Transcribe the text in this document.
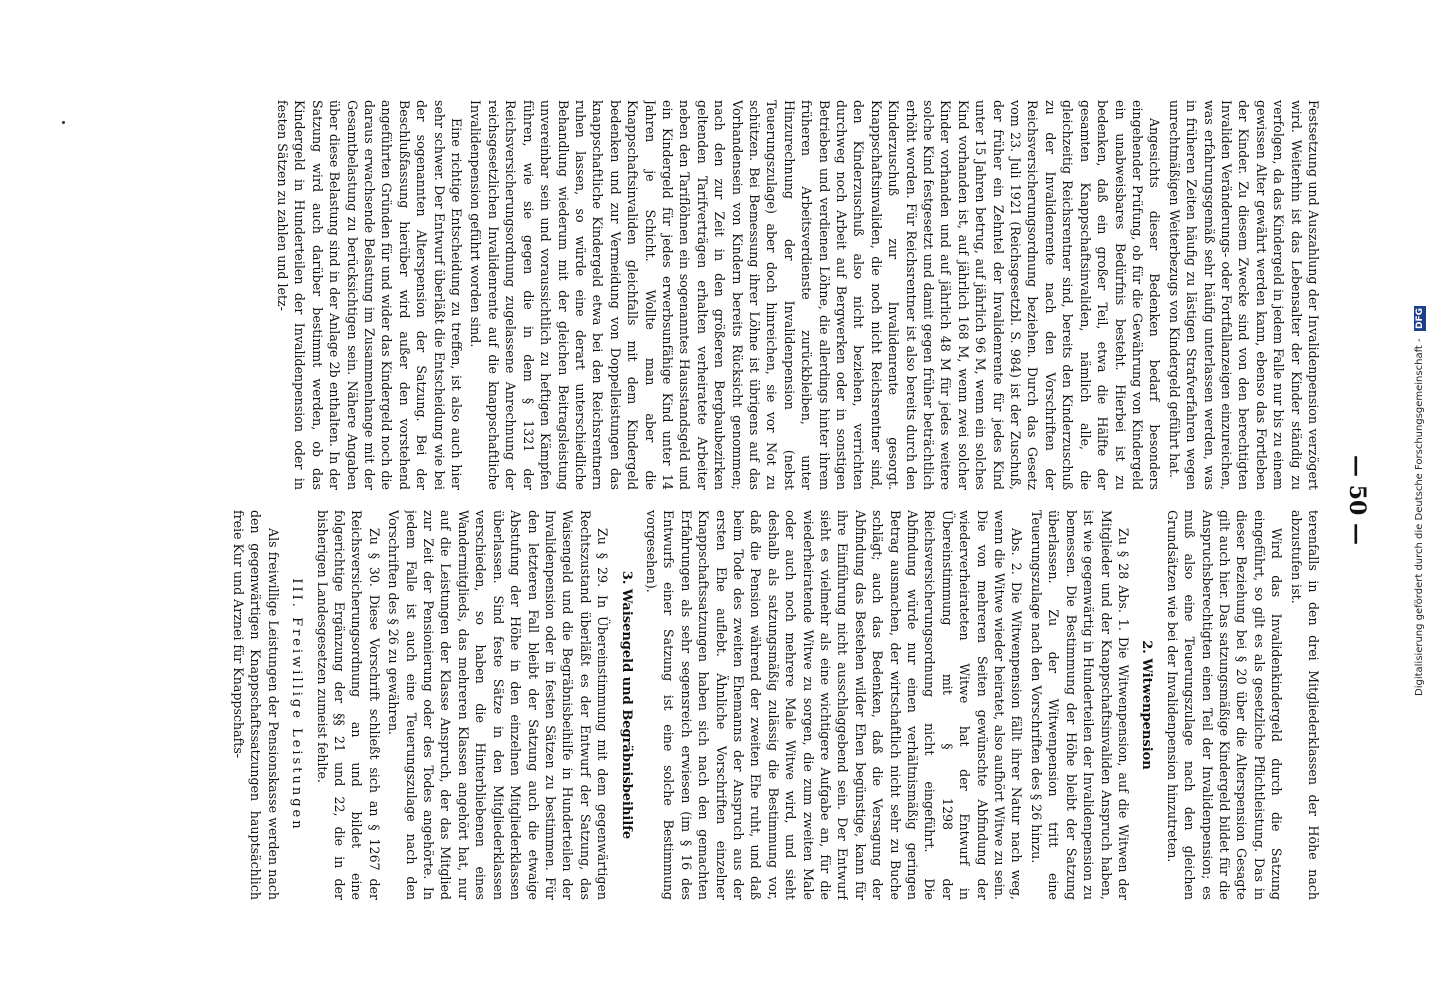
— 50 —

Festsetzung und Auszahlung der Invalidenpension verzögert wird. Weiterhin ist das Lebensalter der Kinder ständig zu verfolgen, da das Kindergeld in jedem Falle nur bis zu einem gewissen Alter gewährt werden kann, ebenso das Fortleben der Kinder. Zu diesem Zwecke sind von den berechtigten Invaliden Veränderungs- oder Fortfallanzeigen einzureichen, was erfahrungsgemäß sehr häufig unterlassen werden, was in früheren Zeiten häufig zu lästigen Strafverfahren wegen unrechtmäßigen Weiterbezugs von Kindergeld geführt hat.

Angesichts dieser Bedenken bedarf besonders eingehender Prüfung, ob für die Gewährung von Kindergeld ein unabweisbares Bedürfnis besteht. Hierbei ist zu bedenken, daß ein großer Teil, etwa die Hälfte der gesamten Knappschaftsinvaliden, nämlich alle, die gleichzeitig Reichsrentner sind, bereits den Kinderzuschuß zu der Invalidenrente nach den Vorschriften der Reichsversicherungsordnung beziehen. Durch das Gesetz vom 23. Juli 1921 (Reichsgesetzbl. S. 984) ist der Zuschuß, der früher ein Zehntel der Invalidenrente für jedes Kind unter 15 Jahren betrug, auf jährlich 96 M, wenn ein solches Kind vorhanden ist, auf jährlich 168 M, wenn zwei solcher Kinder vorhanden und auf jährlich 48 M für jedes weitere solche Kind festgesetzt und damit gegen früher beträchtlich erhöht worden. Für Reichsrentner ist also bereits durch den Kinderzuschuß zur Invalidenrente gesorgt. Knappschaftsinvaliden, die noch nicht Reichsrentner sind, den Kinderzuschuß also nicht beziehen, verrichten durchweg noch Arbeit auf Bergwerken oder in sonstigen Betrieben und verdienen Löhne, die allerdings hinter ihrem früheren Arbeitsverdienste zurückbleiben, unter Hinzurechnung der Invalidenpension (nebst Teuerungszulage) aber doch hinreichen, sie vor Not zu schützen. Bei Bemessung ihrer Löhne ist übrigens auf das Vorhandensein von Kindern bereits Rücksicht genommen; nach den zur Zeit in den größeren Bergbaubezirken geltenden Tarifverträgen erhalten verheiratete Arbeiter neben den Tariflöhnen ein sogenanntes Hausstandsgeld und ein Kindergeld für jedes erwerbsunfähige Kind unter 14 Jahren je Schicht. Wollte man aber die Knappschaftsinvaliden gleichfalls mit dem Kindergeld bedenken und zur Vermeidung von Doppelleistungen das knappschaftliche Kindergeld etwa bei den Reichsrentnern ruhen lassen, so würde eine derart unterschiedliche Behandlung wiederum mit der gleichen Beitragsleistung unvereinbar sein und voraussichtlich zu heftigen Kämpfen führen, wie sie gegen die in dem § 1321 der Reichsversicherungsordnung zugelassene Anrechnung der reichsgesetzlichen Invalidenrente auf die knappschaftliche Invalidenpension geführt worden sind.

Eine richtige Entscheidung zu treffen, ist also auch hier sehr schwer. Der Entwurf überläßt die Entscheidung wie bei der sogenannten Alterspension der Satzung. Bei der Beschlußfassung hierüber wird außer den vorstehend angeführten Gründen für und wider das Kindergeld noch die daraus erwachsende Belastung im Zusammenhange mit der Gesamtbelastung zu berücksichtigen sein. Nähere Angaben über diese Belastung sind in der Anlage 2b enthalten. In der Satzung wird auch darüber bestimmt werden, ob das Kindergeld in Hunderteilen der Invalidenpension oder in festen Sätzen zu zahlen und letz-

terenfalls in den drei Mitgliederklassen der Höhe nach abzustufen ist.

Wird das Invalidenkindergeld durch die Satzung eingeführt, so gilt es als gesetzliche Pflichtleistung. Das in dieser Beziehung bei § 20 über die Alterspension Gesagte gilt auch hier. Das satzungsmäßige Kindergeld bildet für die Anspruchsberechtigten einen Teil der Invalidenpension; es muß also eine Teuerungszulage nach den gleichen Grundsätzen wie bei der Invalidenpension hinzutreten.

2. Witwenpension

Zu § 28 Abs. 1. Die Witwenpension, auf die Witwen der Mitglieder und der Knappschaftsinvaliden Anspruch haben, ist wie gegenwärtig in Hunderteilen der Invalidenpension zu bemessen. Die Bestimmung der Höhe bleibt der Satzung überlassen. Zu der Witwenpension tritt eine Teuerungszulage nach den Vorschriften des § 26 hinzu.

Abs. 2. Die Witwenpension fällt ihrer Natur nach weg, wenn die Witwe wieder heiratet, also aufhört Witwe zu sein. Die von mehreren Seiten gewünschte Abfindung der wiederverheirateten Witwe hat der Entwurf in Übereinstimmung mit § 1298 der Reichsversicherungsordnung nicht eingeführt. Die Abfindung würde nur einen verhältnismäßig geringen Betrag ausmachen, der wirtschaftlich nicht sehr zu Buche schlägt; auch das Bedenken, daß die Versagung der Abfindung das Bestehen wilder Ehen begünstige, kann für ihre Einführung nicht ausschlaggebend sein. Der Entwurf sieht es vielmehr als eine wichtigere Aufgabe an, für die wiederheiratende Witwe zu sorgen, die zum zweiten Male oder auch noch mehrere Male Witwe wird, und sieht deshalb als satzungsmäßig zulässig die Bestimmung vor, daß die Pension während der zweiten Ehe ruht, und daß beim Tode des zweiten Ehemanns der Anspruch aus der ersten Ehe auflebt. Ähnliche Vorschriften einzelner Knappschaftssatzungen haben sich nach den gemachten Erfahrungen als sehr segensreich erwiesen (im § 16 des Entwurfs einer Satzung ist eine solche Bestimmung vorgesehen).

3. Waisengeld und Begräbnisbeihilfe

Zu § 29. In Übereinstimmung mit dem gegenwärtigen Rechtszustand überläßt es der Entwurf der Satzung, das Waisengeld und die Begräbnisbeihilfe in Hunderteilen der Invalidenpension oder in festen Sätzen zu bestimmen. Für den letzteren Fall bleibt der Satzung auch die etwaige Abstufung der Höhe in den einzelnen Mitgliederklassen überlassen. Sind feste Sätze in den Mitgliederklassen verschieden, so haben die Hinterbliebenen eines Wandermitglieds, das mehreren Klassen angehört hat, nur auf die Leistungen der Klasse Anspruch, der das Mitglied zur Zeit der Pensionierung oder des Todes angehörte. In jedem Falle ist auch eine Teuerungszulage nach den Vorschriften des § 26 zu gewähren.

Zu § 30. Diese Vorschrift schließt sich an § 1267 der Reichsversicherungsordnung an und bildet eine folgerichtige Ergänzung der §§ 21 und 22, die in der bisherigen Landesgesetzen zumeist fehlte.

III. Freiwillige Leistungen

Als freiwillige Leistungen der Pensionskasse werden nach den gegenwärtigen Knappschaftssatzungen hauptsächlich freie Kur und Arznei für Knappschafts-	Digitalisierung gefördert durch die Deutsche Forschungsgemeinschaft - DFG
